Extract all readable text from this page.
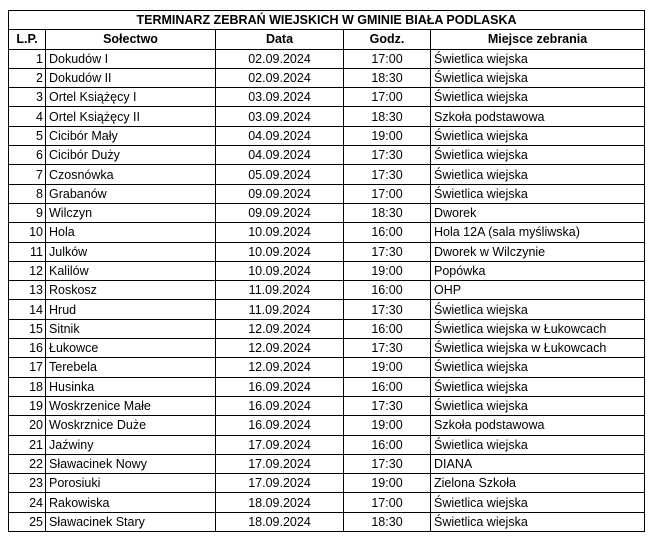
TERMINARZ ZEBRAŃ WIEJSKICH W GMINIE BIAŁA PODLASKA				
L.P.	Sołectwo	Data	Godz.	Miejsce zebrania
1	Dokudów I	02.09.2024	17:00	Świetlica wiejska
2	Dokudów II	02.09.2024	18:30	Świetlica wiejska
3	Ortel Książęcy I	03.09.2024	17:00	Świetlica wiejska
4	Ortel Książęcy II	03.09.2024	18:30	Szkoła podstawowa
5	Cicibór Mały	04.09.2024	19:00	Świetlica wiejska
6	Cicibór Duży	04.09.2024	17:30	Świetlica wiejska
7	Czosnówka	05.09.2024	17:30	Świetlica wiejska
8	Grabanów	09.09.2024	17:00	Świetlica wiejska
9	Wilczyn	09.09.2024	18:30	Dworek
10	Hola	10.09.2024	16:00	Hola 12A (sala myśliwska)
11	Julków	10.09.2024	17:30	Dworek w Wilczynie
12	Kalilów	10.09.2024	19:00	Popówka
13	Roskosz	11.09.2024	16:00	OHP
14	Hrud	11.09.2024	17:30	Świetlica wiejska
15	Sitnik	12.09.2024	16:00	Świetlica wiejska w Łukowcach
16	Łukowce	12.09.2024	17:30	Świetlica wiejska w Łukowcach
17	Terebela	12.09.2024	19:00	Świetlica wiejska
18	Husinka	16.09.2024	16:00	Świetlica wiejska
19	Woskrzenice Małe	16.09.2024	17:30	Świetlica wiejska
20	Woskrznice Duże	16.09.2024	19:00	Szkoła podstawowa
21	Jaźwiny	17.09.2024	16:00	Świetlica wiejska
22	Sławacinek Nowy	17.09.2024	17:30	DIANA
23	Porosiuki	17.09.2024	19:00	Zielona Szkoła
24	Rakowiska	18.09.2024	17:00	Świetlica wiejska
25	Sławacinek Stary	18.09.2024	18:30	Świetlica wiejska
